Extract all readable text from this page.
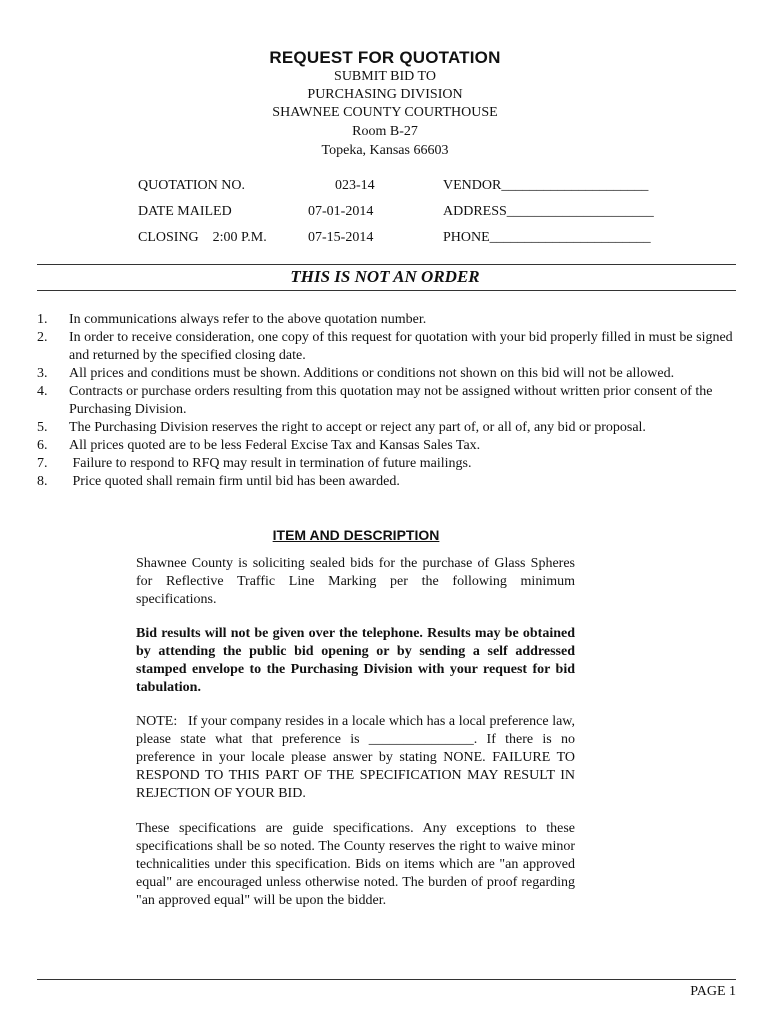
REQUEST FOR QUOTATION
SUBMIT BID TO
PURCHASING DIVISION
SHAWNEE COUNTY COURTHOUSE
Room B-27
Topeka, Kansas 66603
QUOTATION NO.	023-14	VENDOR_____________________
DATE MAILED	07-01-2014	ADDRESS_____________________
CLOSING    2:00 P.M.	07-15-2014	PHONE_______________________
THIS IS NOT AN ORDER
1. In communications always refer to the above quotation number.
2. In order to receive consideration, one copy of this request for quotation with your bid properly filled in must be signed and returned by the specified closing date.
3. All prices and conditions must be shown. Additions or conditions not shown on this bid will not be allowed.
4. Contracts or purchase orders resulting from this quotation may not be assigned without written prior consent of the Purchasing Division.
5. The Purchasing Division reserves the right to accept or reject any part of, or all of, any bid or proposal.
6. All prices quoted are to be less Federal Excise Tax and Kansas Sales Tax.
7. Failure to respond to RFQ may result in termination of future mailings.
8. Price quoted shall remain firm until bid has been awarded.
ITEM AND DESCRIPTION
Shawnee County is soliciting sealed bids for the purchase of Glass Spheres for Reflective Traffic Line Marking per the following minimum specifications.
Bid results will not be given over the telephone. Results may be obtained by attending the public bid opening or by sending a self addressed stamped envelope to the Purchasing Division with your request for bid tabulation.
NOTE:   If your company resides in a locale which has a local preference law, please state what that preference is _______________. If there is no preference in your locale please answer by stating NONE. FAILURE TO RESPOND TO THIS PART OF THE SPECIFICATION MAY RESULT IN REJECTION OF YOUR BID.
These specifications are guide specifications. Any exceptions to these specifications shall be so noted. The County reserves the right to waive minor technicalities under this specification. Bids on items which are "an approved equal" are encouraged unless otherwise noted. The burden of proof regarding "an approved equal" will be upon the bidder.
PAGE 1
